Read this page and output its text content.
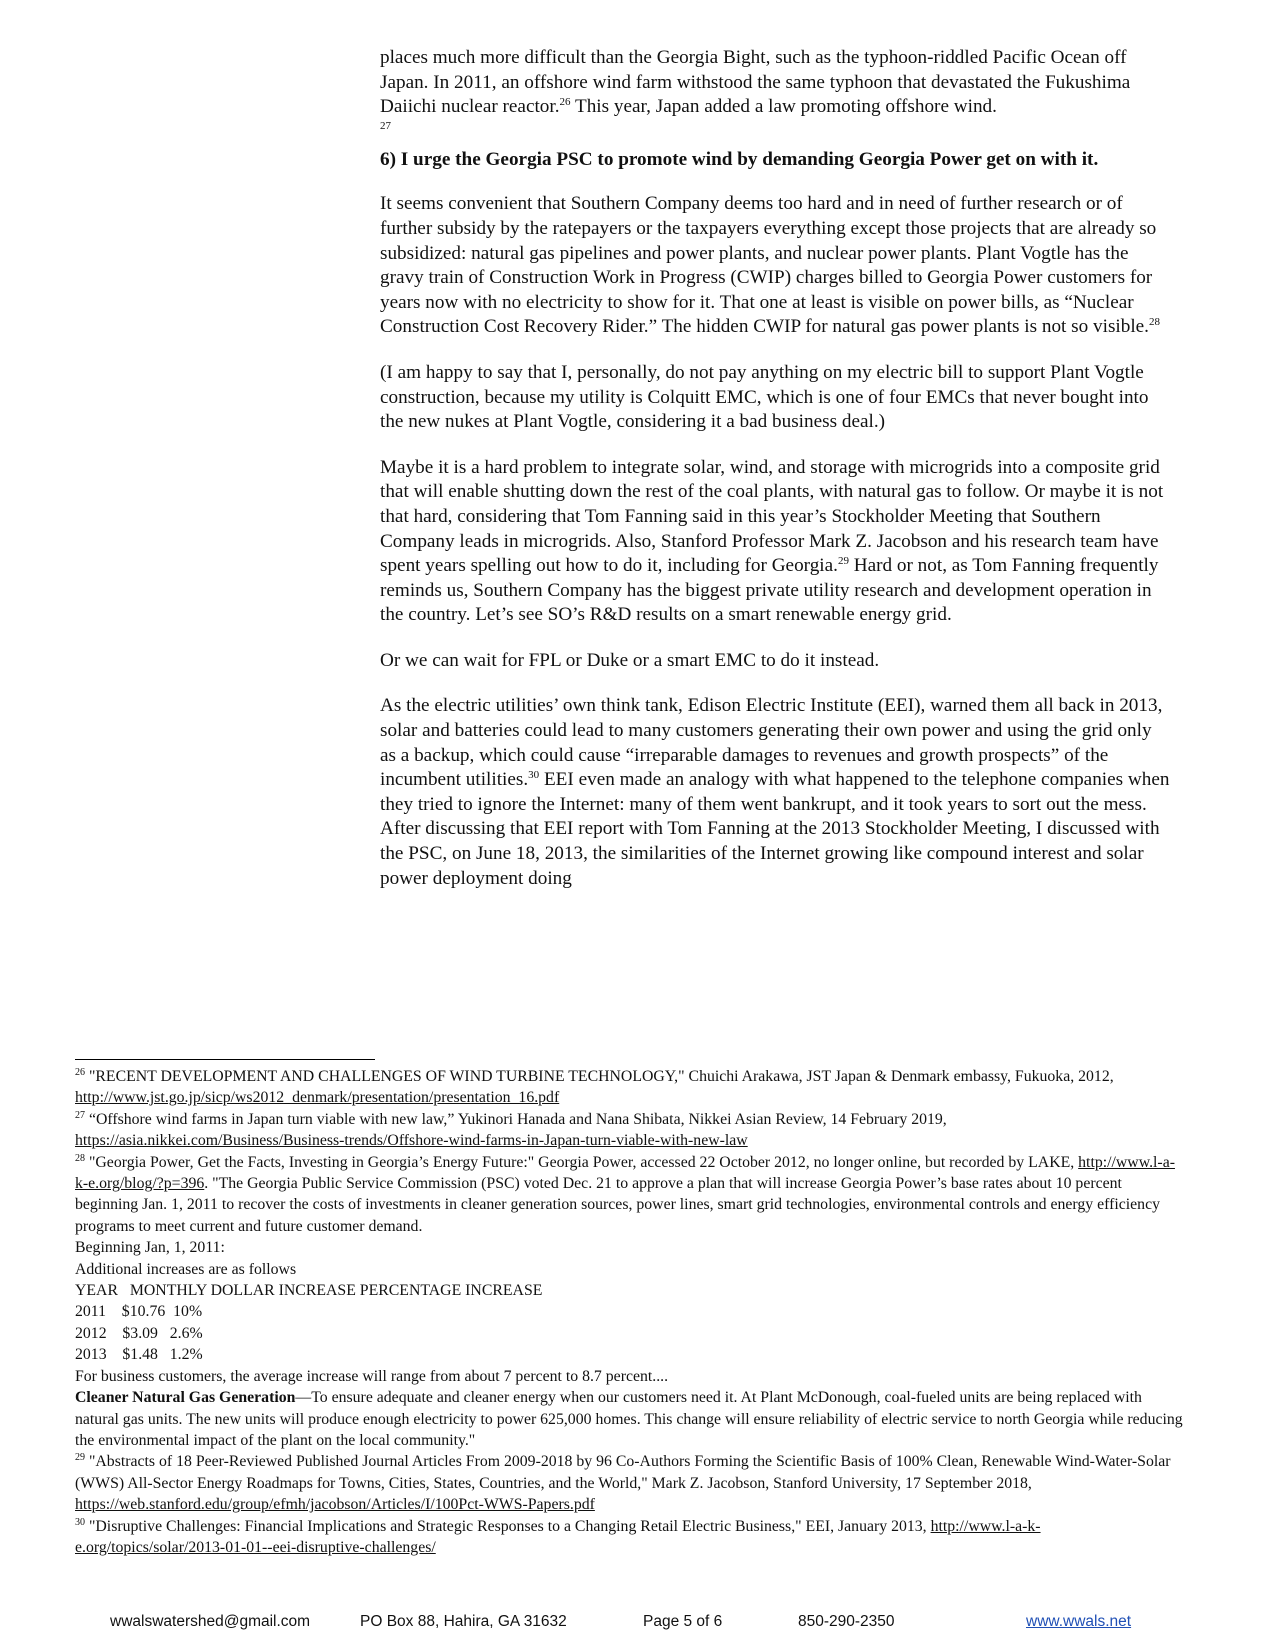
places much more difficult than the Georgia Bight, such as the typhoon-riddled Pacific Ocean off Japan. In 2011, an offshore wind farm withstood the same typhoon that devastated the Fukushima Daiichi nuclear reactor.$^{26}$ This year, Japan added a law promoting offshore wind.
27

6) I urge the Georgia PSC to promote wind by demanding Georgia Power get on with it.

It seems convenient that Southern Company deems too hard and in need of further research or of further subsidy by the ratepayers or the taxpayers everything except those projects that are already so subsidized: natural gas pipelines and power plants, and nuclear power plants. Plant Vogtle has the gravy train of Construction Work in Progress (CWIP) charges billed to Georgia Power customers for years now with no electricity to show for it. That one at least is visible on power bills, as “Nuclear Construction Cost Recovery Rider.” The hidden CWIP for natural gas power plants is not so visible.$^{28}$

(I am happy to say that I, personally, do not pay anything on my electric bill to support Plant Vogtle construction, because my utility is Colquitt EMC, which is one of four EMCs that never bought into the new nukes at Plant Vogtle, considering it a bad business deal.)

Maybe it is a hard problem to integrate solar, wind, and storage with microgrids into a composite grid that will enable shutting down the rest of the coal plants, with natural gas to follow. Or maybe it is not that hard, considering that Tom Fanning said in this year’s Stockholder Meeting that Southern Company leads in microgrids. Also, Stanford Professor Mark Z. Jacobson and his research team have spent years spelling out how to do it, including for Georgia.$^{29}$ Hard or not, as Tom Fanning frequently reminds us, Southern Company has the biggest private utility research and development operation in the country. Let’s see SO’s R&D results on a smart renewable energy grid.

Or we can wait for FPL or Duke or a smart EMC to do it instead.

As the electric utilities’ own think tank, Edison Electric Institute (EEI), warned them all back in 2013, solar and batteries could lead to many customers generating their own power and using the grid only as a backup, which could cause “irreparable damages to revenues and growth prospects” of the incumbent utilities.$^{30}$ EEI even made an analogy with what happened to the telephone companies when they tried to ignore the Internet: many of them went bankrupt, and it took years to sort out the mess. After discussing that EEI report with Tom Fanning at the 2013 Stockholder Meeting, I discussed with the PSC, on June 18, 2013, the similarities of the Internet growing like compound interest and solar power deployment doing

$^{26}$ "RECENT DEVELOPMENT AND CHALLENGES OF WIND TURBINE TECHNOLOGY," Chuichi Arakawa, JST Japan & Denmark embassy, Fukuoka, 2012, http://www.jst.go.jp/sicp/ws2012_denmark/presentation/presentation_16.pdf

$^{27}$ “Offshore wind farms in Japan turn viable with new law,” Yukinori Hanada and Nana Shibata, Nikkei Asian Review, 14 February 2019, https://asia.nikkei.com/Business/Business-trends/Offshore-wind-farms-in-Japan-turn-viable-with-new-law

$^{28}$ "Georgia Power, Get the Facts, Investing in Georgia’s Energy Future:" Georgia Power, accessed 22 October 2012, no longer online, but recorded by LAKE, http://www.l-a-k-e.org/blog/?p=396. "The Georgia Public Service Commission (PSC) voted Dec. 21 to approve a plan that will increase Georgia Power’s base rates about 10 percent beginning Jan. 1, 2011 to recover the costs of investments in cleaner generation sources, power lines, smart grid technologies, environmental controls and energy efficiency programs to meet current and future customer demand.

Beginning Jan, 1, 2011:

Additional increases are as follows

YEAR   MONTHLY DOLLAR INCREASE PERCENTAGE INCREASE

2011    $10.76  10%

2012    $3.09   2.6%

2013    $1.48   1.2%

For business customers, the average increase will range from about 7 percent to 8.7 percent....

Cleaner Natural Gas Generation—To ensure adequate and cleaner energy when our customers need it. At Plant McDonough, coal-fueled units are being replaced with natural gas units. The new units will produce enough electricity to power 625,000 homes. This change will ensure reliability of electric service to north Georgia while reducing the environmental impact of the plant on the local community."

$^{29}$ "Abstracts of 18 Peer-Reviewed Published Journal Articles From 2009-2018 by 96 Co-Authors Forming the Scientific Basis of 100% Clean, Renewable Wind-Water-Solar (WWS) All-Sector Energy Roadmaps for Towns, Cities, States, Countries, and the World," Mark Z. Jacobson, Stanford University, 17 September 2018, https://web.stanford.edu/group/efmh/jacobson/Articles/I/100Pct-WWS-Papers.pdf

$^{30}$ "Disruptive Challenges: Financial Implications and Strategic Responses to a Changing Retail Electric Business," EEI, January 2013, http://www.l-a-k-e.org/topics/solar/2013-01-01--eei-disruptive-challenges/

wwalswatershed@gmail.com	PO Box 88, Hahira, GA 31632	Page 5 of 6	850-290-2350	www.wwals.net
